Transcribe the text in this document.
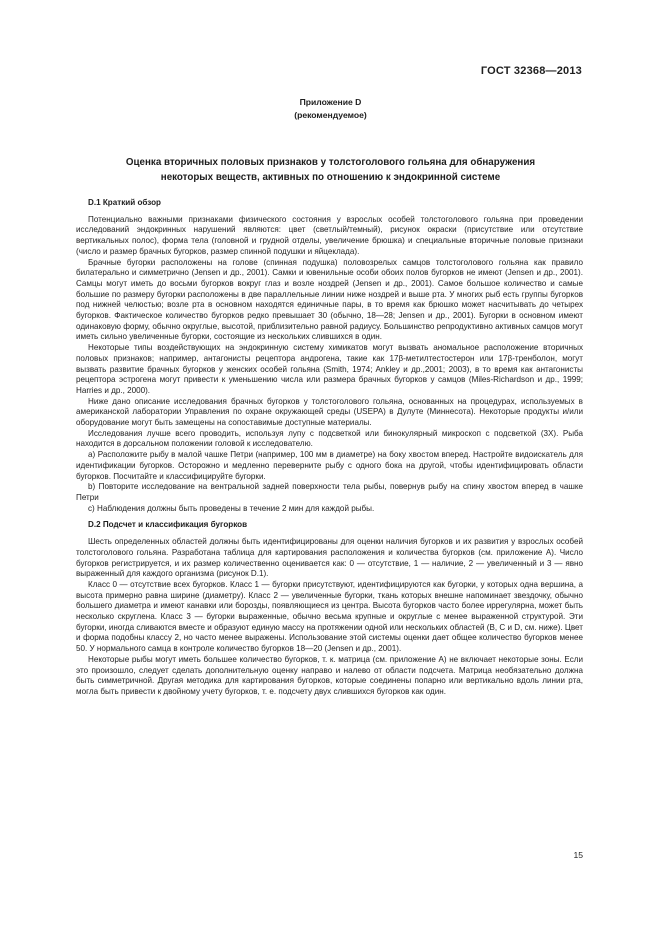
ГОСТ 32368—2013
Приложение D
(рекомендуемое)
Оценка вторичных половых признаков у толстоголового гольяна для обнаружения
некоторых веществ, активных по отношению к эндокринной системе
D.1 Краткий обзор

Потенциально важными признаками физического состояния у взрослых особей толстоголового гольяна при проведении исследований эндокринных нарушений являются: цвет (светлый/темный), рисунок окраски (присутствие или отсутствие вертикальных полос), форма тела (головной и грудной отделы, увеличение брюшка) и специальные вторичные половые признаки (число и размер брачных бугорков, размер спинной подушки и яйцеклада).

Брачные бугорки расположены на голове (спинная подушка) половозрелых самцов толстоголового гольяна как правило билатерально и симметрично (Jensen и др., 2001). Самки и ювенильные особи обоих полов бугорков не имеют (Jensen и др., 2001). Самцы могут иметь до восьми бугорков вокруг глаз и возле ноздрей (Jensen и др., 2001). Самое большое количество и самые большие по размеру бугорки расположены в две параллельные линии ниже ноздрей и выше рта. У многих рыб есть группы бугорков под нижней челюстью; возле рта в основном находятся единичные пары, в то время как брюшко может насчитывать до четырех бугорков. Фактическое количество бугорков редко превышает 30 (обычно, 18—28; Jensen и др., 2001). Бугорки в основном имеют одинаковую форму, обычно округлые, высотой, приблизительно равной радиусу. Большинство репродуктивно активных самцов могут иметь сильно увеличенные бугорки, состоящие из нескольких слившихся в один.

Некоторые типы воздействующих на эндокринную систему химикатов могут вызвать аномальное расположение вторичных половых признаков; например, антагонисты рецептора андрогена, такие как 17β-метилтестостерон или 17β-тренболон, могут вызвать развитие брачных бугорков у женских особей гольяна (Smith, 1974; Ankley и др.,2001; 2003), в то время как антагонисты рецептора эстрогена могут привести к уменьшению числа или размера брачных бугорков у самцов (Miles-Richardson и др., 1999; Harries и др., 2000).

Ниже дано описание исследования брачных бугорков у толстоголового гольяна, основанных на процедурах, используемых в американской лаборатории Управления по охране окружающей среды (USEPA) в Дулуте (Миннесота). Некоторые продукты и/или оборудование могут быть замещены на сопоставимые доступные материалы.

Исследования лучше всего проводить, используя лупу с подсветкой или бинокулярный микроскоп с подсветкой (3Х). Рыба находится в дорсальном положении головой к исследователю.

a) Расположите рыбу в малой чашке Петри (например, 100 мм в диаметре) на боку хвостом вперед. Настройте видоискатель для идентификации бугорков. Осторожно и медленно переверните рыбу с одного бока на другой, чтобы идентифицировать области бугорков. Посчитайте и классифицируйте бугорки.

b) Повторите исследование на вентральной задней поверхности тела рыбы, повернув рыбу на спину хвостом вперед в чашке Петри

c) Наблюдения должны быть проведены в течение 2 мин для каждой рыбы.

D.2 Подсчет и классификация бугорков

Шесть определенных областей должны быть идентифицированы для оценки наличия бугорков и их развития у взрослых особей толстоголового гольяна. Разработана таблица для картирования расположения и количества бугорков (см. приложение А). Число бугорков регистрируется, и их размер количественно оценивается как: 0 — отсутствие, 1 — наличие, 2 — увеличенный и 3 — явно выраженный для каждого организма (рисунок D.1).

Класс 0 — отсутствие всех бугорков. Класс 1 — бугорки присутствуют, идентифицируются как бугорки, у которых одна вершина, а высота примерно равна ширине (диаметру). Класс 2 — увеличенные бугорки, ткань которых внешне напоминает звездочку, обычно большего диаметра и имеют канавки или борозды, появляющиеся из центра. Высота бугорков часто более иррегулярна, может быть несколько скруглена. Класс 3 — бугорки выраженные, обычно весьма крупные и округлые с менее выраженной структурой. Эти бугорки, иногда сливаются вместе и образуют единую массу на протяжении одной или нескольких областей (B, C и D, см. ниже). Цвет и форма подобны классу 2, но часто менее выражены. Использование этой системы оценки дает общее количество бугорков менее 50. У нормального самца в контроле количество бугорков 18—20 (Jensen и др., 2001).

Некоторые рыбы могут иметь большее количество бугорков, т. к. матрица (см. приложение А) не включает некоторые зоны. Если это произошло, следует сделать дополнительную оценку направо и налево от области подсчета. Матрица необязательно должна быть симметричной. Другая методика для картирования бугорков, которые соединены попарно или вертикально вдоль линии рта, могла быть привести к двойному учету бугорков, т. е. подсчету двух слившихся бугорков как один.

15
